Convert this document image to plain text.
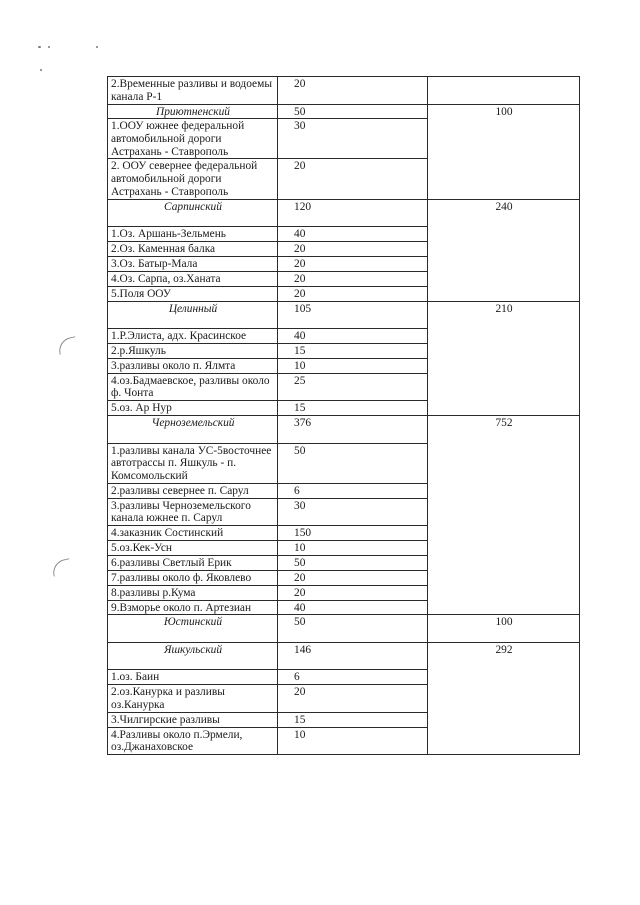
2.Временные разливы и водоемы канала Р-1	20	
Приютненский	50	100
1.ООУ южнее федеральной автомобильной дороги Астрахань - Ставрополь	30	
2. ООУ севернее федеральной автомобильной дороги Астрахань - Ставрополь	20	
Сарпинский	120	240
1.Оз. Аршань-Зельмень	40	
2.Оз. Каменная балка	20	
3.Оз. Батыр-Мала	20	
4.Оз. Сарпа, оз.Ханата	20	
5.Поля ООУ	20	
Целинный	105	210
1.Р.Элиста, адх. Красинское	40	
2.р.Яшкуль	15	
3.разливы около п. Ялмта	10	
4.оз.Бадмаевское, разливы около ф. Чонта	25	
5.оз. Ар Нур	15	
Черноземельский	376	752
1.разливы канала УС-5восточнее автотрассы п. Яшкуль - п. Комсомольский	50	
2.разливы севернее п. Сарул	6	
3.разливы Черноземельского канала южнее п. Сарул	30	
4.заказник Состинский	150	
5.оз.Кек-Усн	10	
6.разливы Светлый Ерик	50	
7.разливы около ф. Яковлево	20	
8.разливы р.Кума	20	
9.Взморье около п. Артезиан	40	
Юстинский	50	100
Яшкульский	146	292
1.оз. Баин	6	
2.оз.Канурка и разливы оз.Канурка	20	
3.Чилгирские разливы	15	
4.Разливы около п.Эрмели, оз.Джанаховское	10	
